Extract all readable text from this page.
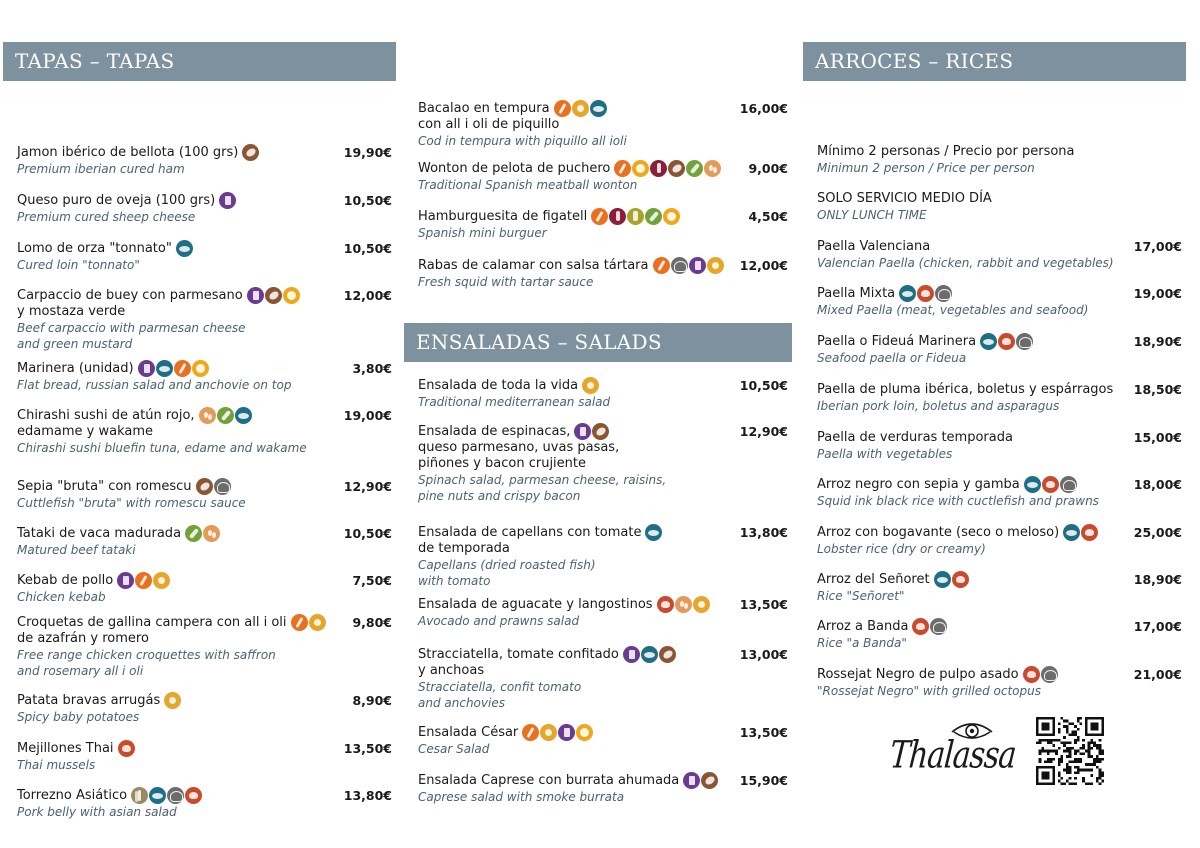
TAPAS – TAPAS
Jamon ibérico de bellota (100 grs)
Premium iberian cured ham
19,90€
Queso puro de oveja (100 grs)
Premium cured sheep cheese
10,50€
Lomo de orza "tonnato"
Cured loin "tonnato"
10,50€
Carpaccio de buey con parmesano
y mostaza verde
Beef carpaccio with parmesan cheese
and green mustard
12,00€
Marinera (unidad)
Flat bread, russian salad and anchovie on top
3,80€
Chirashi sushi de atún rojo,
edamame y wakame
Chirashi sushi bluefin tuna, edame and wakame
19,00€
Sepia "bruta" con romescu
Cuttlefish "bruta" with romescu sauce
12,90€
Tataki de vaca madurada
Matured beef tataki
10,50€
Kebab de pollo
Chicken kebab
7,50€
Croquetas de gallina campera con all i oli
de azafrán y romero
Free range chicken croquettes with saffron
and rosemary all i oli
9,80€
Patata bravas arrugás
Spicy baby potatoes
8,90€
Mejillones Thai
Thai mussels
13,50€
Torrezno Asiático
Pork belly with asian salad
13,80€
Bacalao en tempura
con all i oli de piquillo
Cod in tempura with piquillo all ioli
16,00€
Wonton de pelota de puchero
Traditional Spanish meatball wonton
9,00€
Hamburguesita de figatell
Spanish mini burguer
4,50€
Rabas de calamar con salsa tártara
Fresh squid with tartar sauce
12,00€
ENSALADAS – SALADS
Ensalada de toda la vida
Traditional mediterranean salad
10,50€
Ensalada de espinacas,
queso parmesano, uvas pasas,
piñones y bacon crujiente
Spinach salad, parmesan cheese, raisins,
pine nuts and crispy bacon
12,90€
Ensalada de capellans con tomate
de temporada
Capellans (dried roasted fish)
with tomato
13,80€
Ensalada de aguacate y langostinos
Avocado and prawns salad
13,50€
Stracciatella, tomate confitado
y anchoas
Stracciatella, confit tomato
and anchovies
13,00€
Ensalada César
Cesar Salad
13,50€
Ensalada Caprese con burrata ahumada
Caprese salad with smoke burrata
15,90€
ARROCES – RICES
Mínimo 2 personas / Precio por persona
Minimun 2 person / Price per person
SOLO SERVICIO MEDIO DÍA
ONLY LUNCH TIME
Paella Valenciana
Valencian Paella (chicken, rabbit and vegetables)
17,00€
Paella Mixta
Mixed Paella (meat, vegetables and seafood)
19,00€
Paella o Fideuá Marinera
Seafood paella or Fideua
18,90€
Paella de pluma ibérica, boletus y espárragos
Iberian pork loin, boletus and asparagus
18,50€
Paella de verduras temporada
Paella with vegetables
15,00€
Arroz negro con sepia y gamba
Squid ink black rice with cuctlefish and prawns
18,00€
Arroz con bogavante (seco o meloso)
Lobster rice (dry or creamy)
25,00€
Arroz del Señoret
Rice "Señoret"
18,90€
Arroz a Banda
Rice "a Banda"
17,00€
Rossejat Negro de pulpo asado
"Rossejat Negro" with grilled octopus
21,00€
Thalassa
